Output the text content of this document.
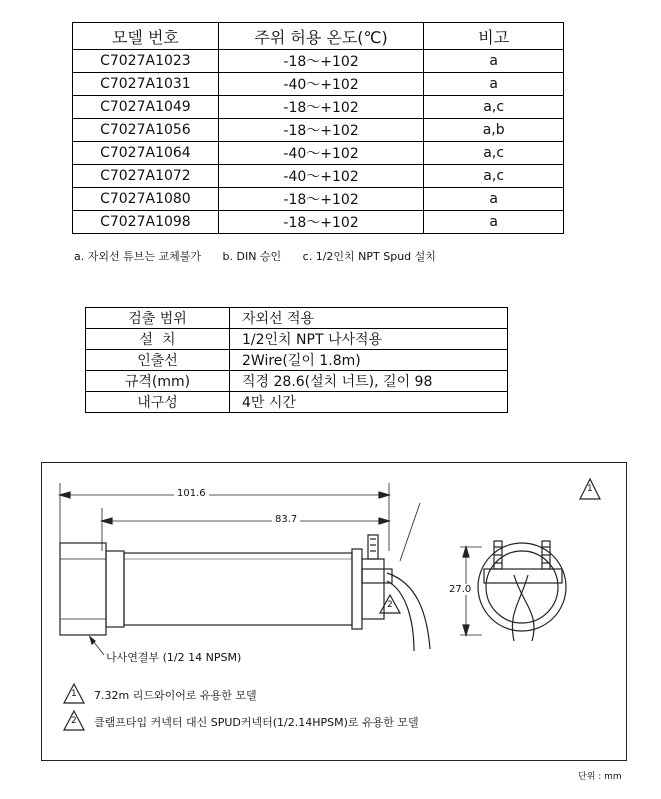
모델 번호	주위 허용 온도(℃)	비고
C7027A1023	-18～+102	a
C7027A1031	-40～+102	a
C7027A1049	-18～+102	a,c
C7027A1056	-18～+102	a,b
C7027A1064	-40～+102	a,c
C7027A1072	-40～+102	a,c
C7027A1080	-18～+102	a
C7027A1098	-18～+102	a
a. 자외선 튜브는 교체불가 b. DIN 승인 c. 1/2인치 NPT Spud 설치
검출 범위	자외선 적용
설  치	1/2인치 NPT 나사적용
인출선	2Wire(길이 1.8m)
규격(mm)	직경 28.6(설치 너트), 길이 98
내구성	4만 시간
101.6
83.7
27.0
1
2
나사연결부 (1/2 14 NPSM)
1 7.32m 리드와이어로 유용한 모델
2 클램프타입 커넥터 대신 SPUD커넥터(1/2.14HPSM)로 유용한 모델
단위 : mm
